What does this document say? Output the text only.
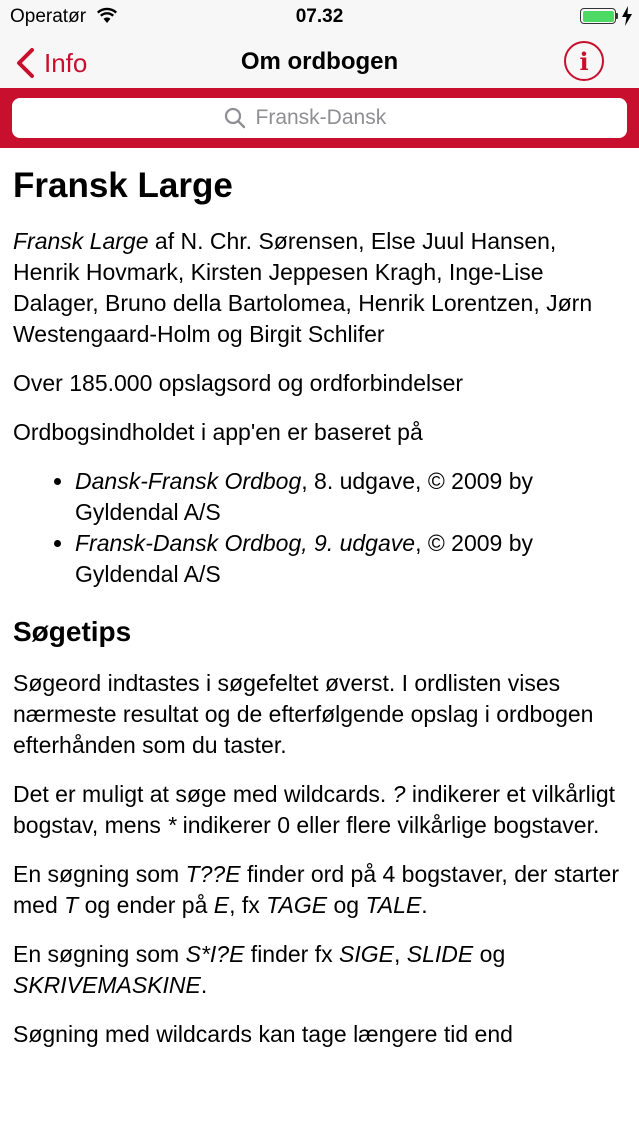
Operatør	07.32
Info	Om ordbogen	i
Fransk-Dansk
Fransk Large

Fransk Large af N. Chr. Sørensen, Else Juul Hansen, Henrik Hovmark, Kirsten Jeppesen Kragh, Inge-Lise Dalager, Bruno della Bartolomea, Henrik Lorentzen, Jørn Westengaard-Holm og Birgit Schlifer

Over 185.000 opslagsord og ordforbindelser

Ordbogsindholdet i app'en er baseret på

• Dansk-Fransk Ordbog, 8. udgave, © 2009 by Gyldendal A/S
• Fransk-Dansk Ordbog, 9. udgave, © 2009 by Gyldendal A/S
Søgetips

Søgeord indtastes i søgefeltet øverst. I ordlisten vises nærmeste resultat og de efterfølgende opslag i ordbogen efterhånden som du taster.

Det er muligt at søge med wildcards. ? indikerer et vilkårligt bogstav, mens * indikerer 0 eller flere vilkårlige bogstaver.

En søgning som T??E finder ord på 4 bogstaver, der starter med T og ender på E, fx TAGE og TALE.

En søgning som S*I?E finder fx SIGE, SLIDE og SKRIVEMASKINE.

Søgning med wildcards kan tage længere tid end
